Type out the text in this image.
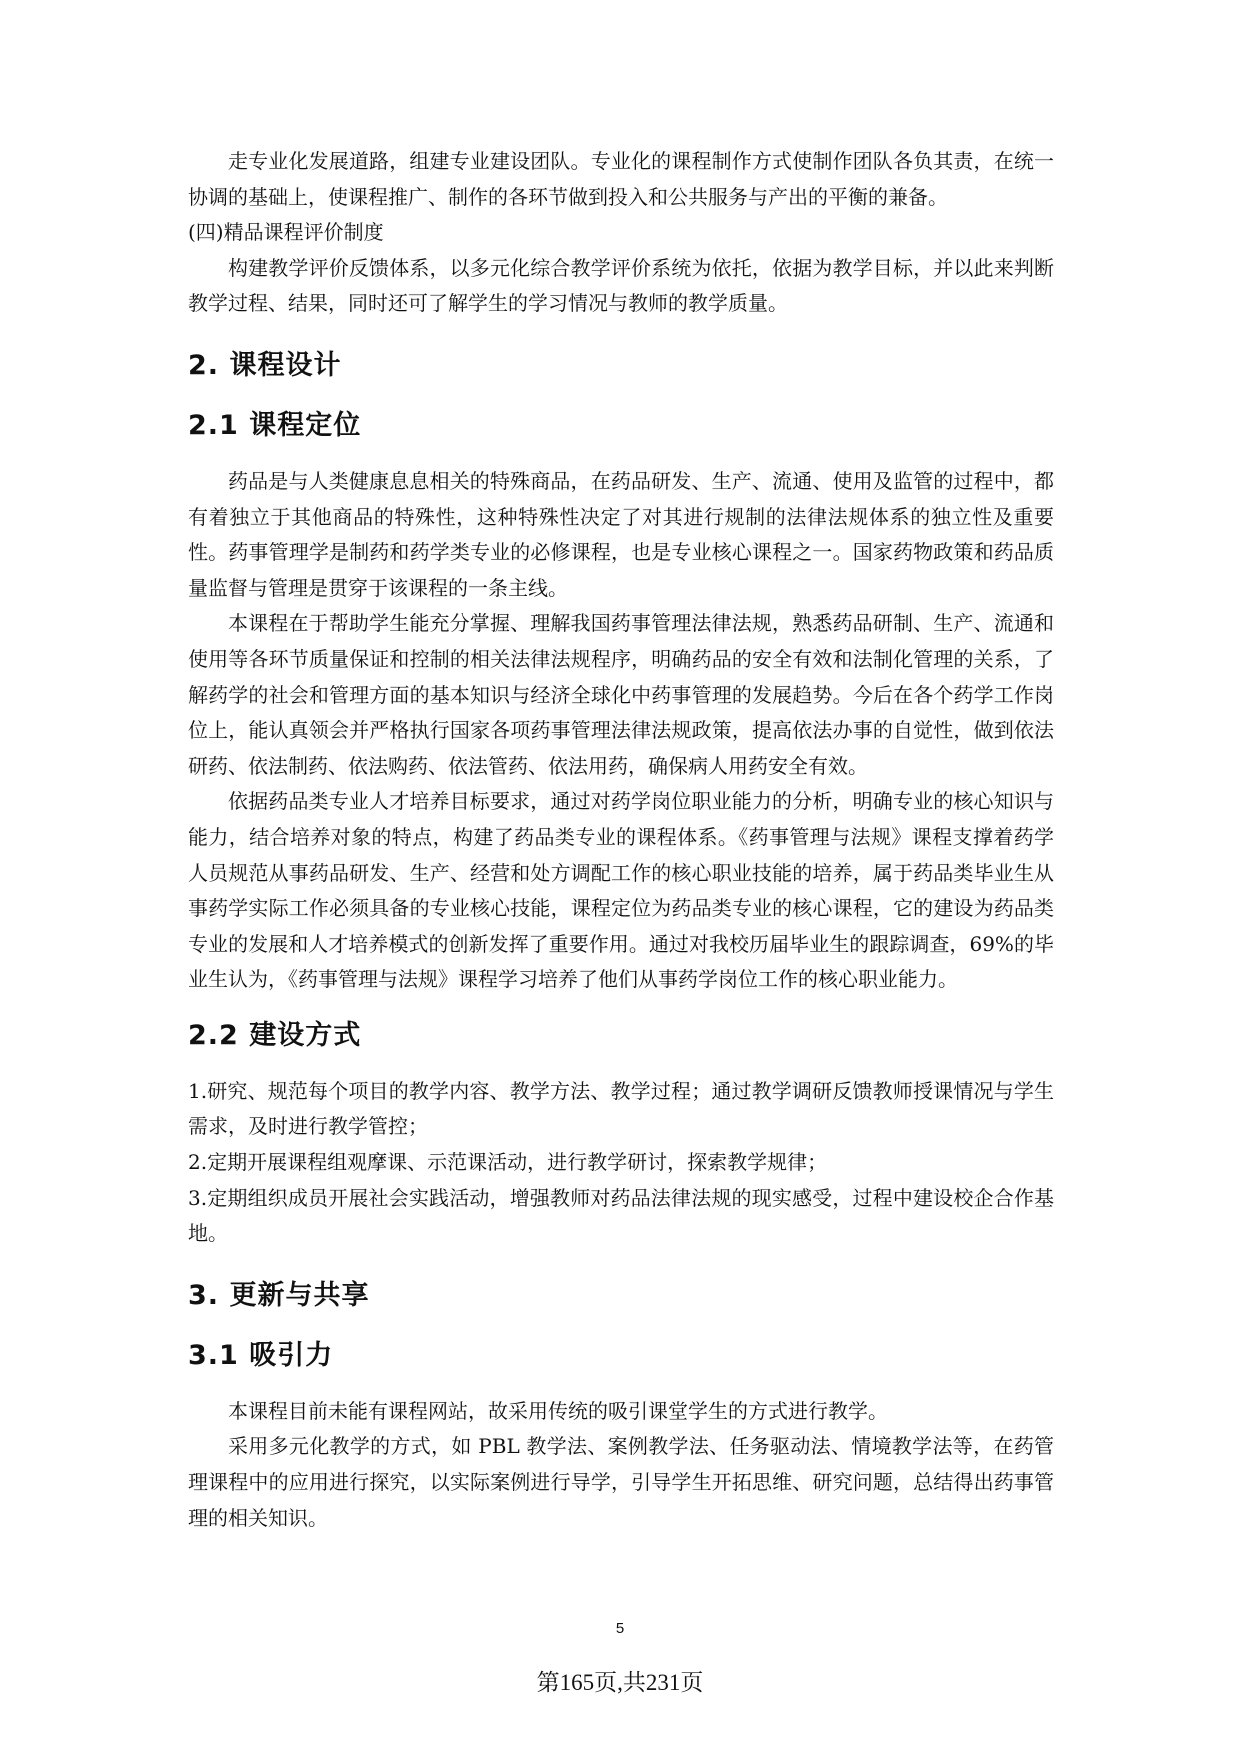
走专业化发展道路，组建专业建设团队。专业化的课程制作方式使制作团队各负其责，在统一协调的基础上，使课程推广、制作的各环节做到投入和公共服务与产出的平衡的兼备。

(四)精品课程评价制度

构建教学评价反馈体系，以多元化综合教学评价系统为依托，依据为教学目标，并以此来判断教学过程、结果，同时还可了解学生的学习情况与教师的教学质量。

2. 课程设计
2.1 课程定位

药品是与人类健康息息相关的特殊商品，在药品研发、生产、流通、使用及监管的过程中，都有着独立于其他商品的特殊性，这种特殊性决定了对其进行规制的法律法规体系的独立性及重要性。药事管理学是制药和药学类专业的必修课程，也是专业核心课程之一。国家药物政策和药品质量监督与管理是贯穿于该课程的一条主线。

本课程在于帮助学生能充分掌握、理解我国药事管理法律法规，熟悉药品研制、生产、流通和使用等各环节质量保证和控制的相关法律法规程序，明确药品的安全有效和法制化管理的关系，了解药学的社会和管理方面的基本知识与经济全球化中药事管理的发展趋势。今后在各个药学工作岗位上，能认真领会并严格执行国家各项药事管理法律法规政策，提高依法办事的自觉性，做到依法研药、依法制药、依法购药、依法管药、依法用药，确保病人用药安全有效。

依据药品类专业人才培养目标要求，通过对药学岗位职业能力的分析，明确专业的核心知识与能力，结合培养对象的特点，构建了药品类专业的课程体系。《药事管理与法规》课程支撑着药学人员规范从事药品研发、生产、经营和处方调配工作的核心职业技能的培养，属于药品类毕业生从事药学实际工作必须具备的专业核心技能，课程定位为药品类专业的核心课程，它的建设为药品类专业的发展和人才培养模式的创新发挥了重要作用。通过对我校历届毕业生的跟踪调查，69%的毕业生认为，《药事管理与法规》课程学习培养了他们从事药学岗位工作的核心职业能力。

2.2 建设方式

1.研究、规范每个项目的教学内容、教学方法、教学过程；通过教学调研反馈教师授课情况与学生需求，及时进行教学管控；

2.定期开展课程组观摩课、示范课活动，进行教学研讨，探索教学规律；

3.定期组织成员开展社会实践活动，增强教师对药品法律法规的现实感受，过程中建设校企合作基地。

3. 更新与共享
3.1 吸引力

本课程目前未能有课程网站，故采用传统的吸引课堂学生的方式进行教学。

采用多元化教学的方式，如 PBL 教学法、案例教学法、任务驱动法、情境教学法等，在药管理课程中的应用进行探究，以实际案例进行导学，引导学生开拓思维、研究问题，总结得出药事管理的相关知识。

5
第165页,共231页
